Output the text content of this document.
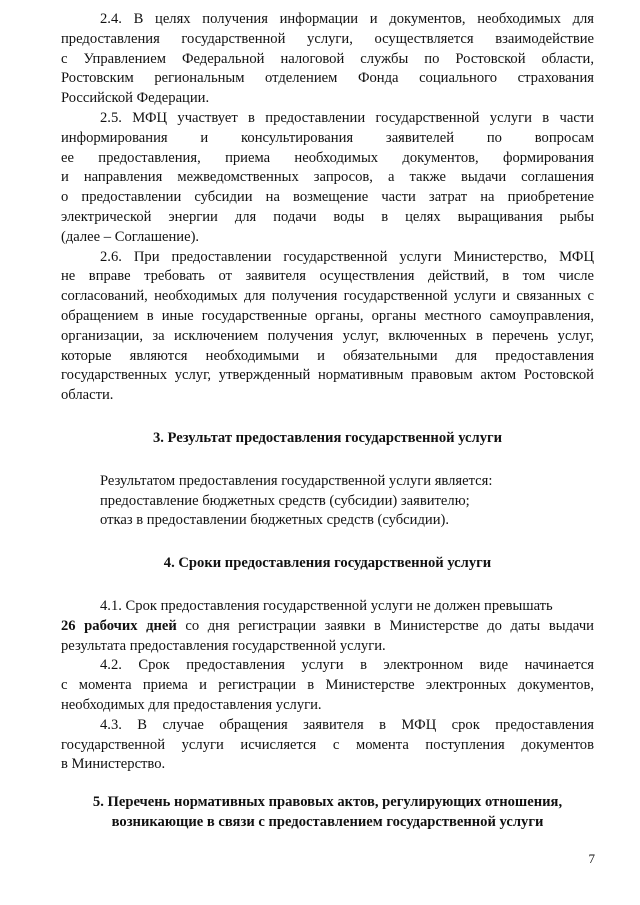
2.4. В целях получения информации и документов, необходимых для
предоставления государственной услуги, осуществляется взаимодействие
с Управлением Федеральной налоговой службы по Ростовской области,
Ростовским региональным отделением Фонда социального страхования
Российской Федерации.
2.5. МФЦ участвует в предоставлении государственной услуги в части
информирования и консультирования заявителей по вопросам
ее предоставления, приема необходимых документов, формирования
и направления межведомственных запросов, а также выдачи соглашения
о предоставлении субсидии на возмещение части затрат на приобретение
электрической энергии для подачи воды в целях выращивания рыбы
(далее – Соглашение).
2.6. При предоставлении государственной услуги Министерство, МФЦ
не вправе требовать от заявителя осуществления действий, в том числе
согласований, необходимых для получения государственной услуги и связанных с
обращением в иные государственные органы, органы местного самоуправления,
организации, за исключением получения услуг, включенных в перечень услуг,
которые являются необходимыми и обязательными для предоставления
государственных услуг, утвержденный нормативным правовым актом Ростовской
области.
3. Результат предоставления государственной услуги
Результатом предоставления государственной услуги является:
предоставление бюджетных средств (субсидии) заявителю;
отказ в предоставлении бюджетных средств (субсидии).
4. Сроки предоставления государственной услуги
4.1. Срок предоставления государственной услуги не должен превышать
26 рабочих дней со дня регистрации заявки в Министерстве до даты выдачи
результата предоставления государственной услуги.
4.2. Срок предоставления услуги в электронном виде начинается
с момента приема и регистрации в Министерстве электронных документов,
необходимых для предоставления услуги.
4.3. В случае обращения заявителя в МФЦ срок предоставления
государственной услуги исчисляется с момента поступления документов
в Министерство.
5. Перечень нормативных правовых актов, регулирующих отношения,
возникающие в связи с предоставлением государственной услуги
7
